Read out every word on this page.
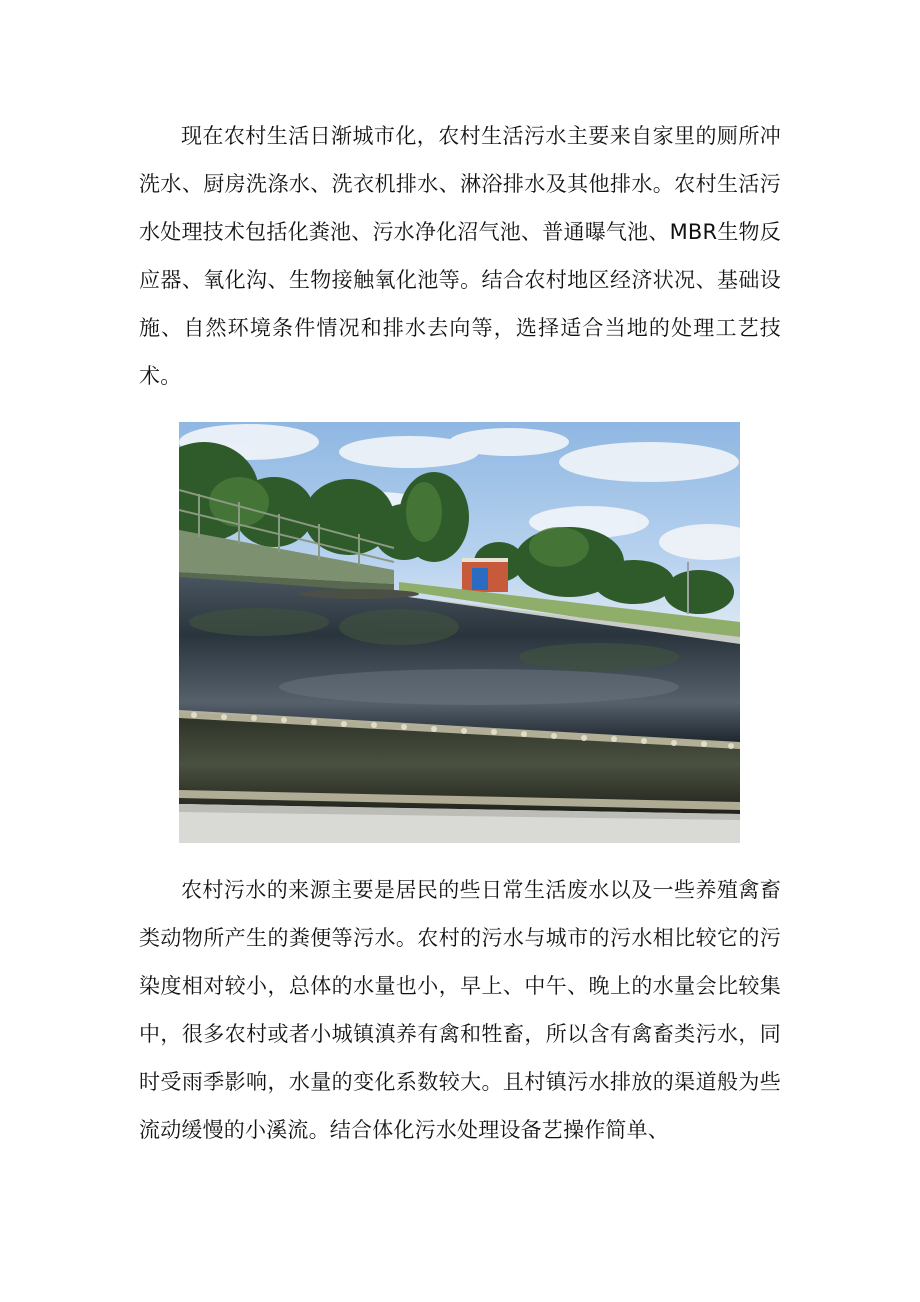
现在农村生活日渐城市化，农村生活污水主要来自家里的厕所冲洗水、厨房洗涤水、洗衣机排水、淋浴排水及其他排水。农村生活污水处理技术包括化粪池、污水净化沼气池、普通曝气池、MBR生物反应器、氧化沟、生物接触氧化池等。结合农村地区经济状况、基础设施、自然环境条件情况和排水去向等，选择适合当地的处理工艺技术。

农村污水的来源主要是居民的些日常生活废水以及一些养殖禽畜类动物所产生的粪便等污水。农村的污水与城市的污水相比较它的污染度相对较小，总体的水量也小，早上、中午、晚上的水量会比较集中，很多农村或者小城镇滇养有禽和牲畜，所以含有禽畜类污水，同时受雨季影响，水量的变化系数较大。且村镇污水排放的渠道般为些流动缓慢的小溪流。结合体化污水处理设备艺操作简单、
